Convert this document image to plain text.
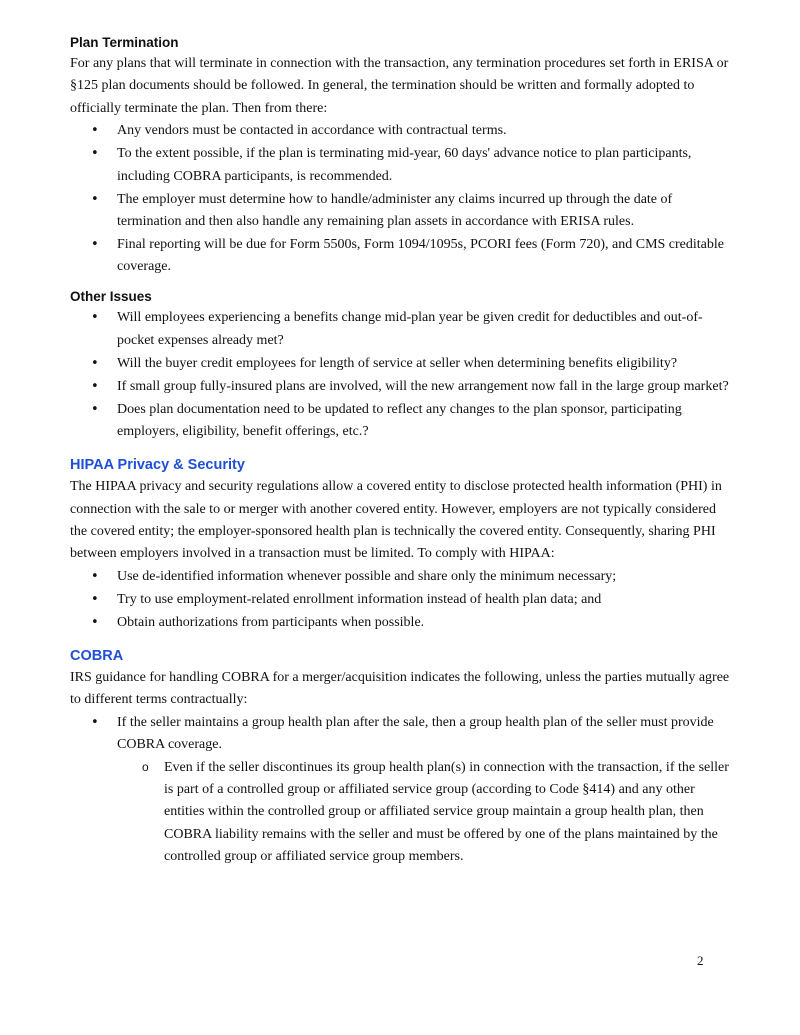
Plan Termination

For any plans that will terminate in connection with the transaction, any termination procedures set forth in ERISA or §125 plan documents should be followed. In general, the termination should be written and formally adopted to officially terminate the plan. Then from there:

• Any vendors must be contacted in accordance with contractual terms.
• To the extent possible, if the plan is terminating mid-year, 60 days' advance notice to plan participants, including COBRA participants, is recommended.
• The employer must determine how to handle/administer any claims incurred up through the date of termination and then also handle any remaining plan assets in accordance with ERISA rules.
• Final reporting will be due for Form 5500s, Form 1094/1095s, PCORI fees (Form 720), and CMS creditable coverage.
Other Issues
• Will employees experiencing a benefits change mid-plan year be given credit for deductibles and out-of-pocket expenses already met?
• Will the buyer credit employees for length of service at seller when determining benefits eligibility?
• If small group fully-insured plans are involved, will the new arrangement now fall in the large group market?
• Does plan documentation need to be updated to reflect any changes to the plan sponsor, participating employers, eligibility, benefit offerings, etc.?
HIPAA Privacy & Security

The HIPAA privacy and security regulations allow a covered entity to disclose protected health information (PHI) in connection with the sale to or merger with another covered entity. However, employers are not typically considered the covered entity; the employer-sponsored health plan is technically the covered entity. Consequently, sharing PHI between employers involved in a transaction must be limited. To comply with HIPAA:

• Use de-identified information whenever possible and share only the minimum necessary;
• Try to use employment-related enrollment information instead of health plan data; and
• Obtain authorizations from participants when possible.
COBRA

IRS guidance for handling COBRA for a merger/acquisition indicates the following, unless the parties mutually agree to different terms contractually:

• If the seller maintains a group health plan after the sale, then a group health plan of the seller must provide COBRA coverage.
o Even if the seller discontinues its group health plan(s) in connection with the transaction, if the seller is part of a controlled group or affiliated service group (according to Code §414) and any other entities within the controlled group or affiliated service group maintain a group health plan, then COBRA liability remains with the seller and must be offered by one of the plans maintained by the controlled group or affiliated service group members.
2
